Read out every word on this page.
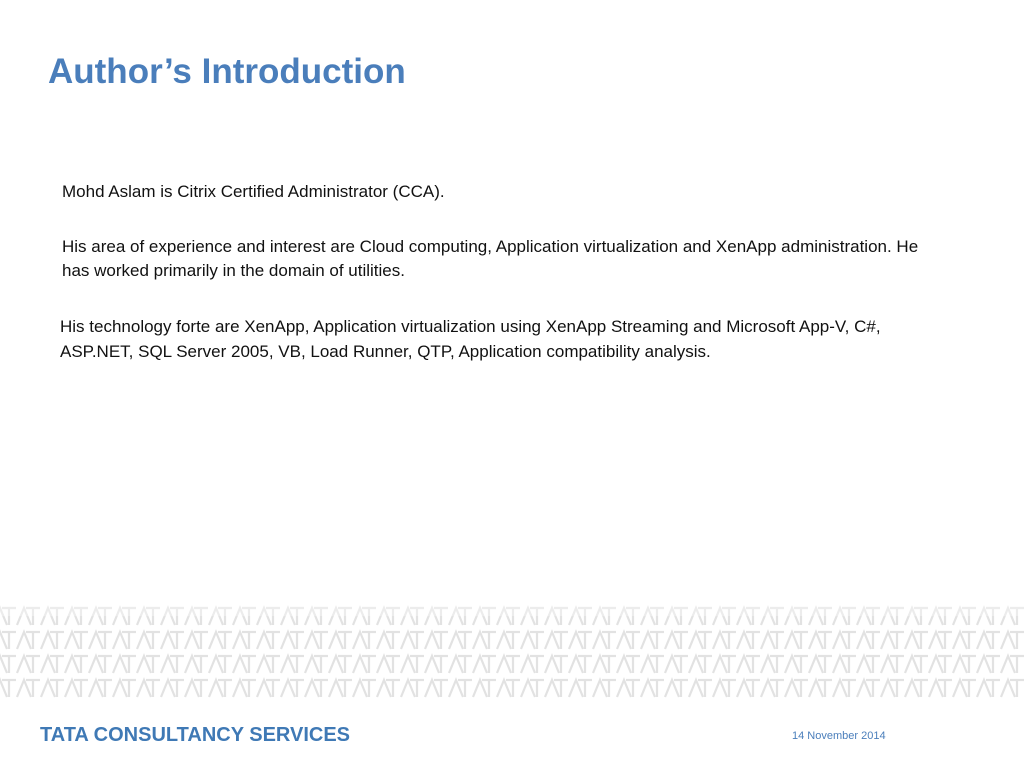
Author’s Introduction

Mohd Aslam is Citrix Certified Administrator (CCA).

His area of experience and interest are Cloud computing, Application virtualization and XenApp administration. He has worked primarily in the domain of utilities.

His technology forte are XenApp, Application virtualization using XenApp Streaming and Microsoft App-V, C#, ASP.NET, SQL Server 2005, VB, Load Runner, QTP, Application compatibility analysis.

TATA CONSULTANCY SERVICES	14 November 2014
